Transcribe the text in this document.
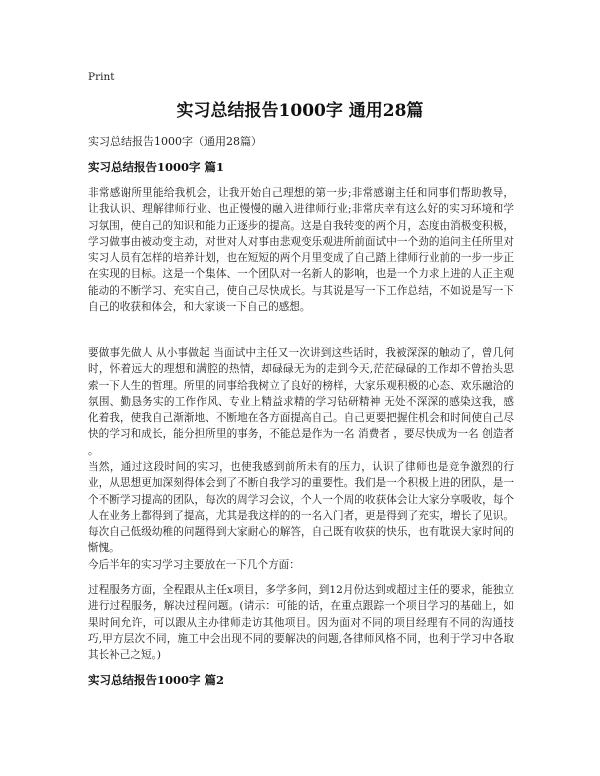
Print
实习总结报告1000字 通用28篇
实习总结报告1000字（通用28篇）
实习总结报告1000字 篇1

非常感谢所里能给我机会，让我开始自己理想的第一步;非常感谢主任和同事们帮助教导，让我认识、理解律师行业、也正慢慢的融入进律师行业;非常庆幸有这么好的实习环境和学习氛围，使自己的知识和能力正逐步的提高。这是自我转变的两个月，态度由消极变积极，学习做事由被动变主动，对世对人对事由悲观变乐观进所前面试中一个劲的追问主任所里对实习人员有怎样的培养计划，也在短短的两个月里变成了自己踏上律师行业前的一步一步正在实现的目标。这是一个集体、一个团队对一名新人的影响，也是一个力求上进的人正主观能动的不断学习、充实自己，使自己尽快成长。与其说是写一下工作总结，不如说是写一下自己的收获和体会，和大家谈一下自己的感想。

要做事先做人 从小事做起 当面试中主任又一次讲到这些话时，我被深深的触动了，曾几何时，怀着远大的理想和满腔的热情，却碌碌无为的走到今天,茫茫碌碌的工作却不曾抬头思索一下人生的哲理。所里的同事给我树立了良好的榜样，大家乐观积极的心态、欢乐融洽的氛围、勤恳务实的工作作风、专业上精益求精的学习钻研精神 无处不深深的感染这我，感化着我，使我自己渐渐地、不断地在各方面提高自己。自己更要把握住机会和时间使自己尽快的学习和成长，能分担所里的事务，不能总是作为一名 消费者 ，要尽快成为一名 创造者 。

当然，通过这段时间的实习，也使我感到前所未有的压力，认识了律师也是竞争激烈的行业，从思想更加深刻得体会到了不断自我学习的重要性。我们是一个积极上进的团队，是一个不断学习提高的团队，每次的周学习会议，个人一个周的收获体会让大家分享吸收，每个人在业务上都得到了提高，尤其是我这样的的一名入门者，更是得到了充实，增长了见识。每次自己低级幼稚的问题得到大家耐心的解答，自己既有收获的快乐，也有耽误大家时间的惭愧。

今后半年的实习学习主要放在一下几个方面：

过程服务方面，全程跟从主任x项目，多学多问，到12月份达到或超过主任的要求，能独立进行过程服务，解决过程问题。(请示：可能的话，在重点跟踪一个项目学习的基础上，如果时间允许，可以跟从主办律师走访其他项目。因为面对不同的项目经理有不同的沟通技巧,甲方层次不同，施工中会出现不同的要解决的问题,各律师风格不同，也利于学习中各取其长补己之短。)

实习总结报告1000字 篇2
